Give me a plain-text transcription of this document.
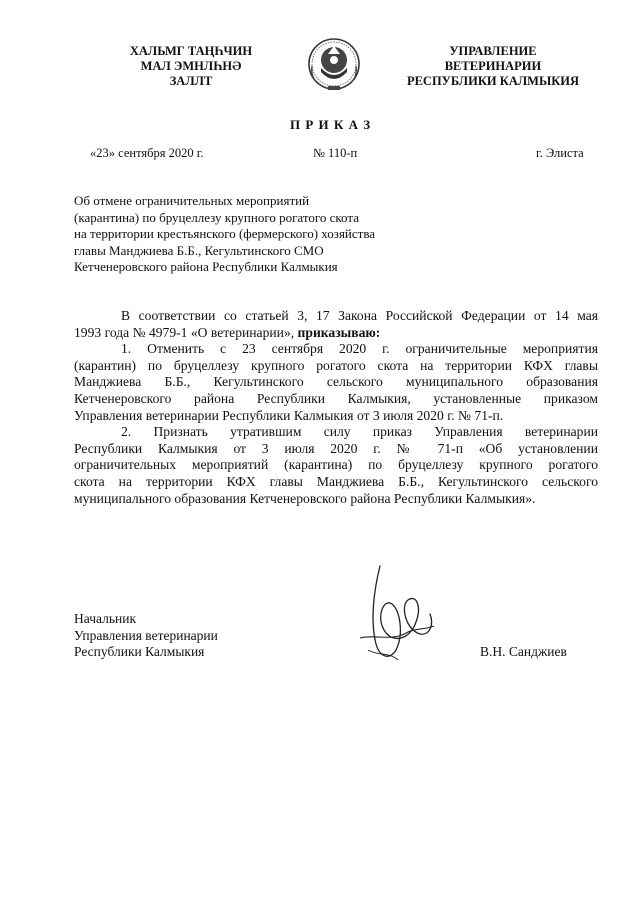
ХАЛЬМГ ТАҢҺЧИН
МАЛ ЭМНЛҺНӘ
ЗАЛЛТ
УПРАВЛЕНИЕ
ВЕТЕРИНАРИИ
РЕСПУБЛИКИ КАЛМЫКИЯ
П Р И К А З
«23» сентября 2020 г.	№ 110-п	г. Элиста
Об отмене ограничительных мероприятий
(карантина) по бруцеллезу крупного рогатого скота
на территории крестьянского (фермерского) хозяйства
главы Манджиева Б.Б., Кегультинского СМО
Кетченеровского района Республики Калмыкия
В соответствии со статьей 3, 17 Закона Российской Федерации от 14 мая
1993 года № 4979-1 «О ветеринарии», приказываю:
1. Отменить с 23 сентября 2020 г. ограничительные мероприятия
(карантин) по бруцеллезу крупного рогатого скота на территории КФХ главы
Манджиева Б.Б., Кегультинского сельского муниципального образования
Кетченеровского района Республики Калмыкия, установленные приказом
Управления ветеринарии Республики Калмыкия от 3 июля 2020 г. № 71-п.
2. Признать утратившим силу приказ Управления ветеринарии
Республики Калмыкия от 3 июля 2020 г. № 71-п «Об установлении
ограничительных мероприятий (карантина) по бруцеллезу крупного рогатого
скота на территории КФХ главы Манджиева Б.Б., Кегультинского сельского
муниципального образования Кетченеровского района Республики Калмыкия».
Начальник
Управления ветеринарии
Республики Калмыкия	В.Н. Санджиев
